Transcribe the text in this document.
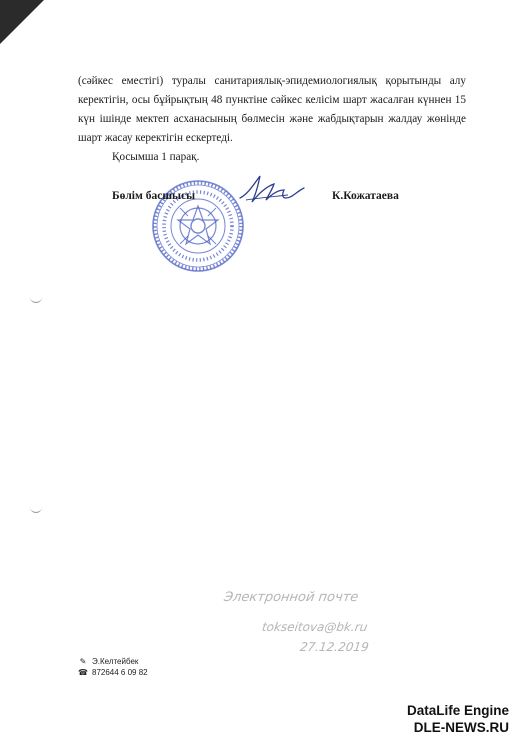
(сәйкес еместігі) туралы санитариялық-эпидемиологиялық қорытынды алу керектігін, осы бұйрықтың 48 пунктіне сәйкес келісім шарт жасалған күннен 15 күн ішінде мектеп асханасының бөлмесін және жабдықтарын жалдау жөнінде шарт жасау керектігін ескертеді.

Қосымша 1 парақ.

Бөлім басшысы	К.Кожатаева
Электронной почте
tokseitova@bk.ru
27.12.2019
✎ Э.Келтейбек
☎ 872644 6 09 82
DataLife Engine
DLE-NEWS.RU
